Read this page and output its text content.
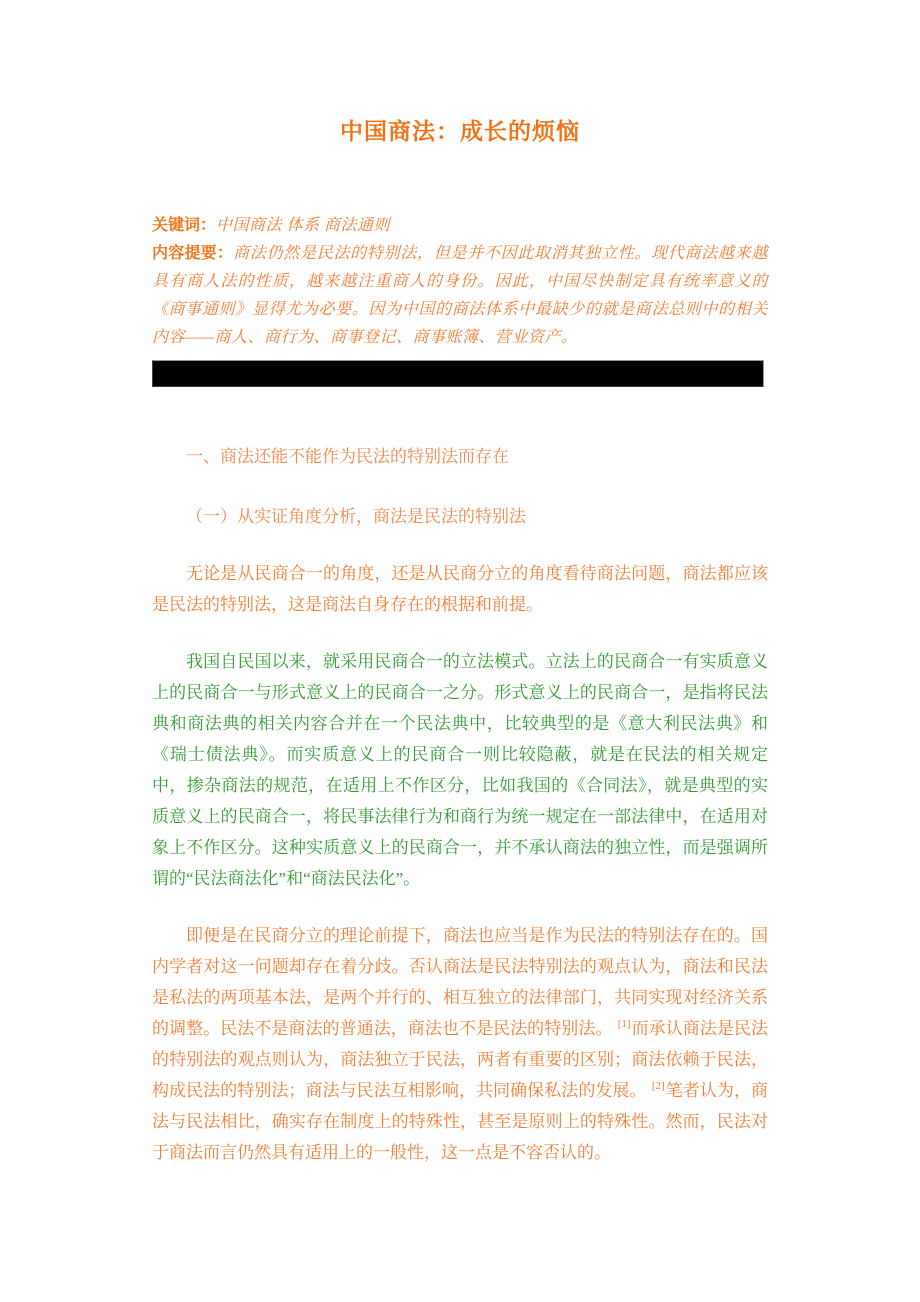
中国商法：成长的烦恼

关键词：中国商法 体系 商法通则

内容提要：商法仍然是民法的特别法，但是并不因此取消其独立性。现代商法越来越具有商人法的性质，越来越注重商人的身份。因此，中国尽快制定具有统率意义的《商事通则》显得尤为必要。因为中国的商法体系中最缺少的就是商法总则中的相关内容——商人、商行为、商事登记、商事账簿、营业资产。

一、商法还能不能作为民法的特别法而存在
（一）从实证角度分析，商法是民法的特别法

无论是从民商合一的角度，还是从民商分立的角度看待商法问题，商法都应该是民法的特别法，这是商法自身存在的根据和前提。

我国自民国以来，就采用民商合一的立法模式。立法上的民商合一有实质意义上的民商合一与形式意义上的民商合一之分。形式意义上的民商合一，是指将民法典和商法典的相关内容合并在一个民法典中，比较典型的是《意大利民法典》和《瑞士债法典》。而实质意义上的民商合一则比较隐蔽，就是在民法的相关规定中，掺杂商法的规范，在适用上不作区分，比如我国的《合同法》，就是典型的实质意义上的民商合一，将民事法律行为和商行为统一规定在一部法律中，在适用对象上不作区分。这种实质意义上的民商合一，并不承认商法的独立性，而是强调所谓的“民法商法化”和“商法民法化”。

即便是在民商分立的理论前提下，商法也应当是作为民法的特别法存在的。国内学者对这一问题却存在着分歧。否认商法是民法特别法的观点认为，商法和民法是私法的两项基本法，是两个并行的、相互独立的法律部门，共同实现对经济关系的调整。民法不是商法的普通法，商法也不是民法的特别法。 [1]而承认商法是民法的特别法的观点则认为，商法独立于民法，两者有重要的区别；商法依赖于民法，构成民法的特别法；商法与民法互相影响，共同确保私法的发展。 [2]笔者认为，商法与民法相比，确实存在制度上的特殊性，甚至是原则上的特殊性。然而，民法对于商法而言仍然具有适用上的一般性，这一点是不容否认的。
